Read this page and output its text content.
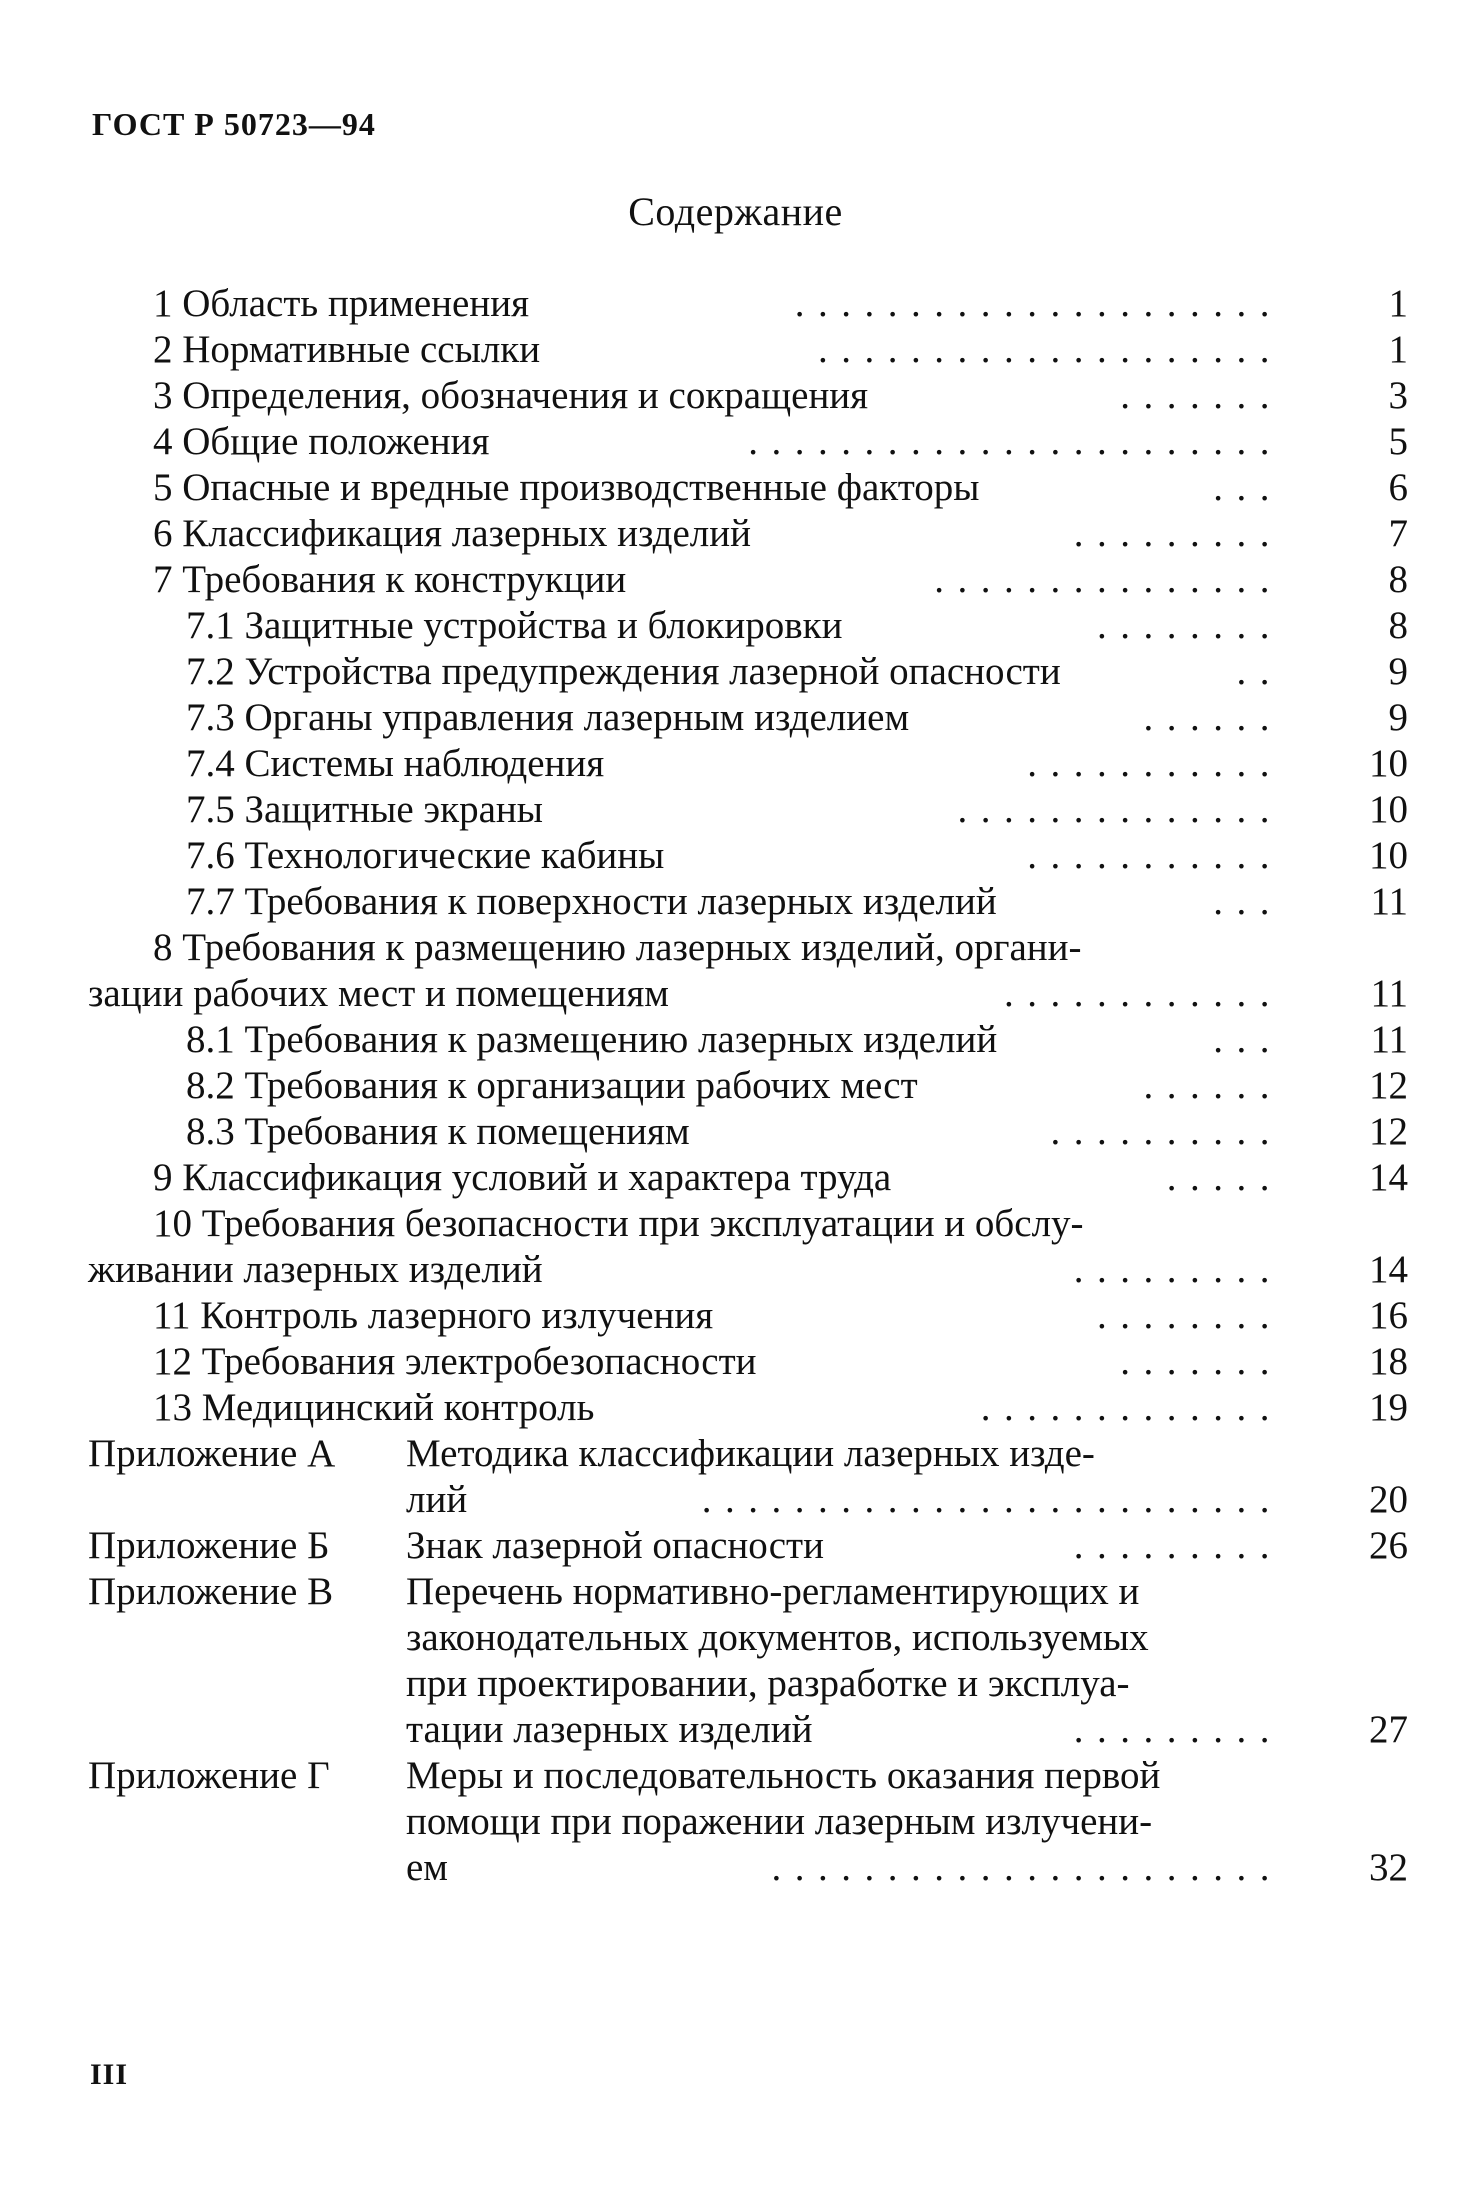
ГОСТ Р 50723—94
Содержание
1 Область применения	.....................	1
2 Нормативные ссылки	....................	1
3 Определения, обозначения и сокращения	.......	3
4 Общие положения	.......................	5
5 Опасные и вредные производственные факторы	...	6
6 Классификация лазерных изделий	.........	7
7 Требования к конструкции	...............	8
7.1 Защитные устройства и блокировки	........	8
7.2 Устройства предупреждения лазерной опасности	..	9
7.3 Органы управления лазерным изделием	......	9
7.4 Системы наблюдения	...........	10
7.5 Защитные экраны	..............	10
7.6 Технологические кабины	...........	10
7.7 Требования к поверхности лазерных изделий	...	11
8 Требования к размещению лазерных изделий, органи-
зации рабочих мест и помещениям	............	11
8.1 Требования к размещению лазерных изделий	...	11
8.2 Требования к организации рабочих мест	......	12
8.3 Требования к помещениям	..........	12
9 Классификация условий и характера труда	.....	14
10 Требования безопасности при эксплуатации и обслу-
живании лазерных изделий	.........	14
11 Контроль лазерного излучения	........	16
12 Требования электробезопасности	.......	18
13 Медицинский контроль	.............	19
Приложение А Методика классификации лазерных изде-
лий	.........................	20
Приложение Б Знак лазерной опасности	.........	26
Приложение В Перечень нормативно-регламентирующих и
законодательных документов, используемых
при проектировании, разработке и эксплуа-
тации лазерных изделий	.........	27
Приложение Г Меры и последовательность оказания первой
помощи при поражении лазерным излучени-
ем	......................	32
III
